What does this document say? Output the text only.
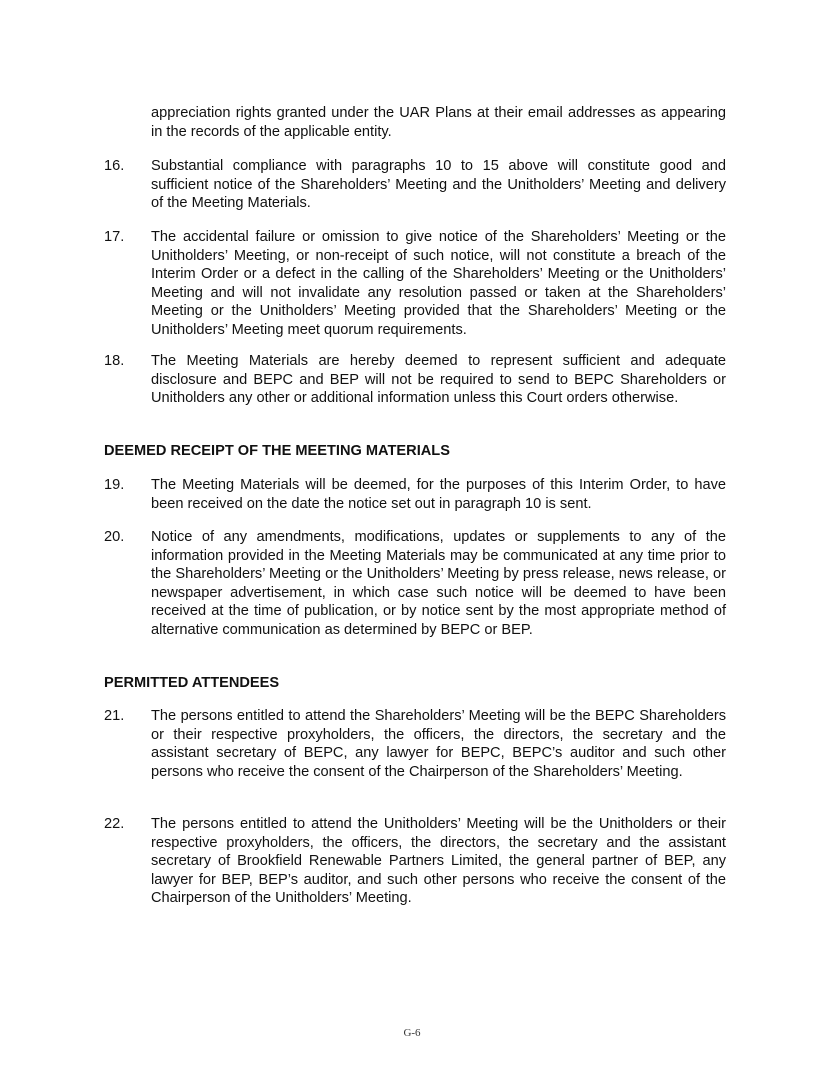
appreciation rights granted under the UAR Plans at their email addresses as appearing in the records of the applicable entity.
16.	Substantial compliance with paragraphs 10 to 15 above will constitute good and sufficient notice of the Shareholders’ Meeting and the Unitholders’ Meeting and delivery of the Meeting Materials.
17.	The accidental failure or omission to give notice of the Shareholders’ Meeting or the Unitholders’ Meeting, or non-receipt of such notice, will not constitute a breach of the Interim Order or a defect in the calling of the Shareholders’ Meeting or the Unitholders’ Meeting and will not invalidate any resolution passed or taken at the Shareholders’ Meeting or the Unitholders’ Meeting provided that the Shareholders’ Meeting or the Unitholders’ Meeting meet quorum requirements.
18.	The Meeting Materials are hereby deemed to represent sufficient and adequate disclosure and BEPC and BEP will not be required to send to BEPC Shareholders or Unitholders any other or additional information unless this Court orders otherwise.
DEEMED RECEIPT OF THE MEETING MATERIALS
19.	The Meeting Materials will be deemed, for the purposes of this Interim Order, to have been received on the date the notice set out in paragraph 10 is sent.
20.	Notice of any amendments, modifications, updates or supplements to any of the information provided in the Meeting Materials may be communicated at any time prior to the Shareholders’ Meeting or the Unitholders’ Meeting by press release, news release, or newspaper advertisement, in which case such notice will be deemed to have been received at the time of publication, or by notice sent by the most appropriate method of alternative communication as determined by BEPC or BEP.
PERMITTED ATTENDEES
21.	The persons entitled to attend the Shareholders’ Meeting will be the BEPC Shareholders or their respective proxyholders, the officers, the directors, the secretary and the assistant secretary of BEPC, any lawyer for BEPC, BEPC’s auditor and such other persons who receive the consent of the Chairperson of the Shareholders’ Meeting.
22.	The persons entitled to attend the Unitholders’ Meeting will be the Unitholders or their respective proxyholders, the officers, the directors, the secretary and the assistant secretary of Brookfield Renewable Partners Limited, the general partner of BEP, any lawyer for BEP, BEP’s auditor, and such other persons who receive the consent of the Chairperson of the Unitholders’ Meeting.
G-6
